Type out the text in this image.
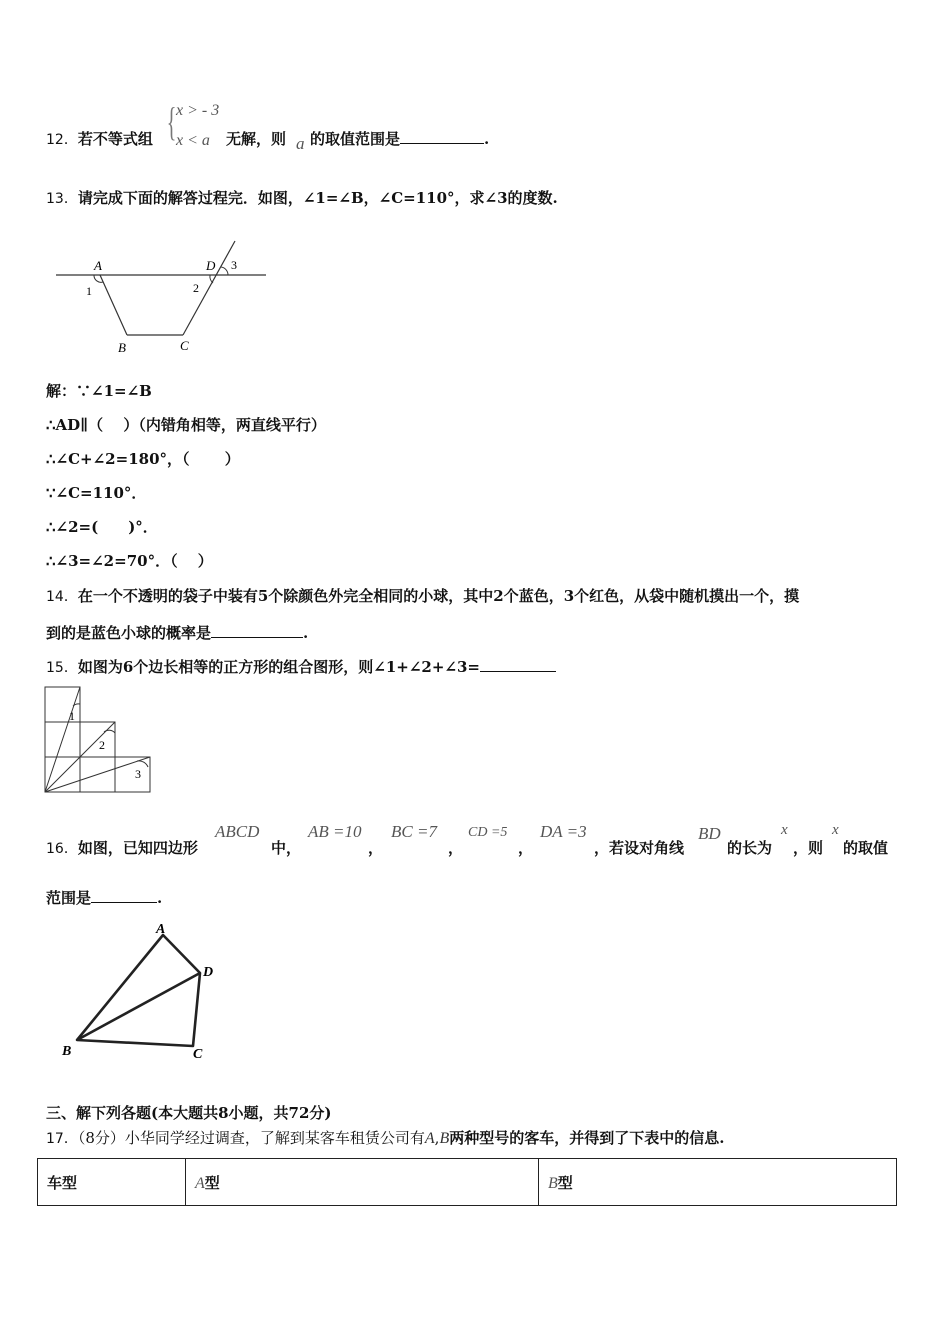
12．若不等式组 { x > - 3
x < a 无解，则 a 的取值范围是	.
13．请完成下面的解答过程完．如图，∠1=∠B，∠C=110°，求∠3的度数.
A	D 3
1	2
B	C
解：∵∠1=∠B
∴AD∥（　 ）（内错角相等，两直线平行）
∴∠C+∠2=180°，（　　 ）
∵∠C=110°．
∴∠2=(　　)°．
∴∠3=∠2=70°．（　 ）
14．在一个不透明的袋子中装有5个除颜色外完全相同的小球，其中2个蓝色，3个红色，从袋中随机摸出一个，摸
到的是蓝色小球的概率是	.
15．如图为6个边长相等的正方形的组合图形，则∠1+∠2+∠3=
1
2
3
16．如图，已知四边形
ABCD
中，
AB =10
，
BC =7
，
CD =5
，
DA =3
，若设对角线
BD
的长为
x
，则
x
的取值
范围是	.
A
D
B	C
三、解下列各题(本大题共8小题，共72分)
17．（8分）小华同学经过调查，了解到某客车租赁公司有A,B两种型号的客车，并得到了下表中的信息.
车型	A型	B型
